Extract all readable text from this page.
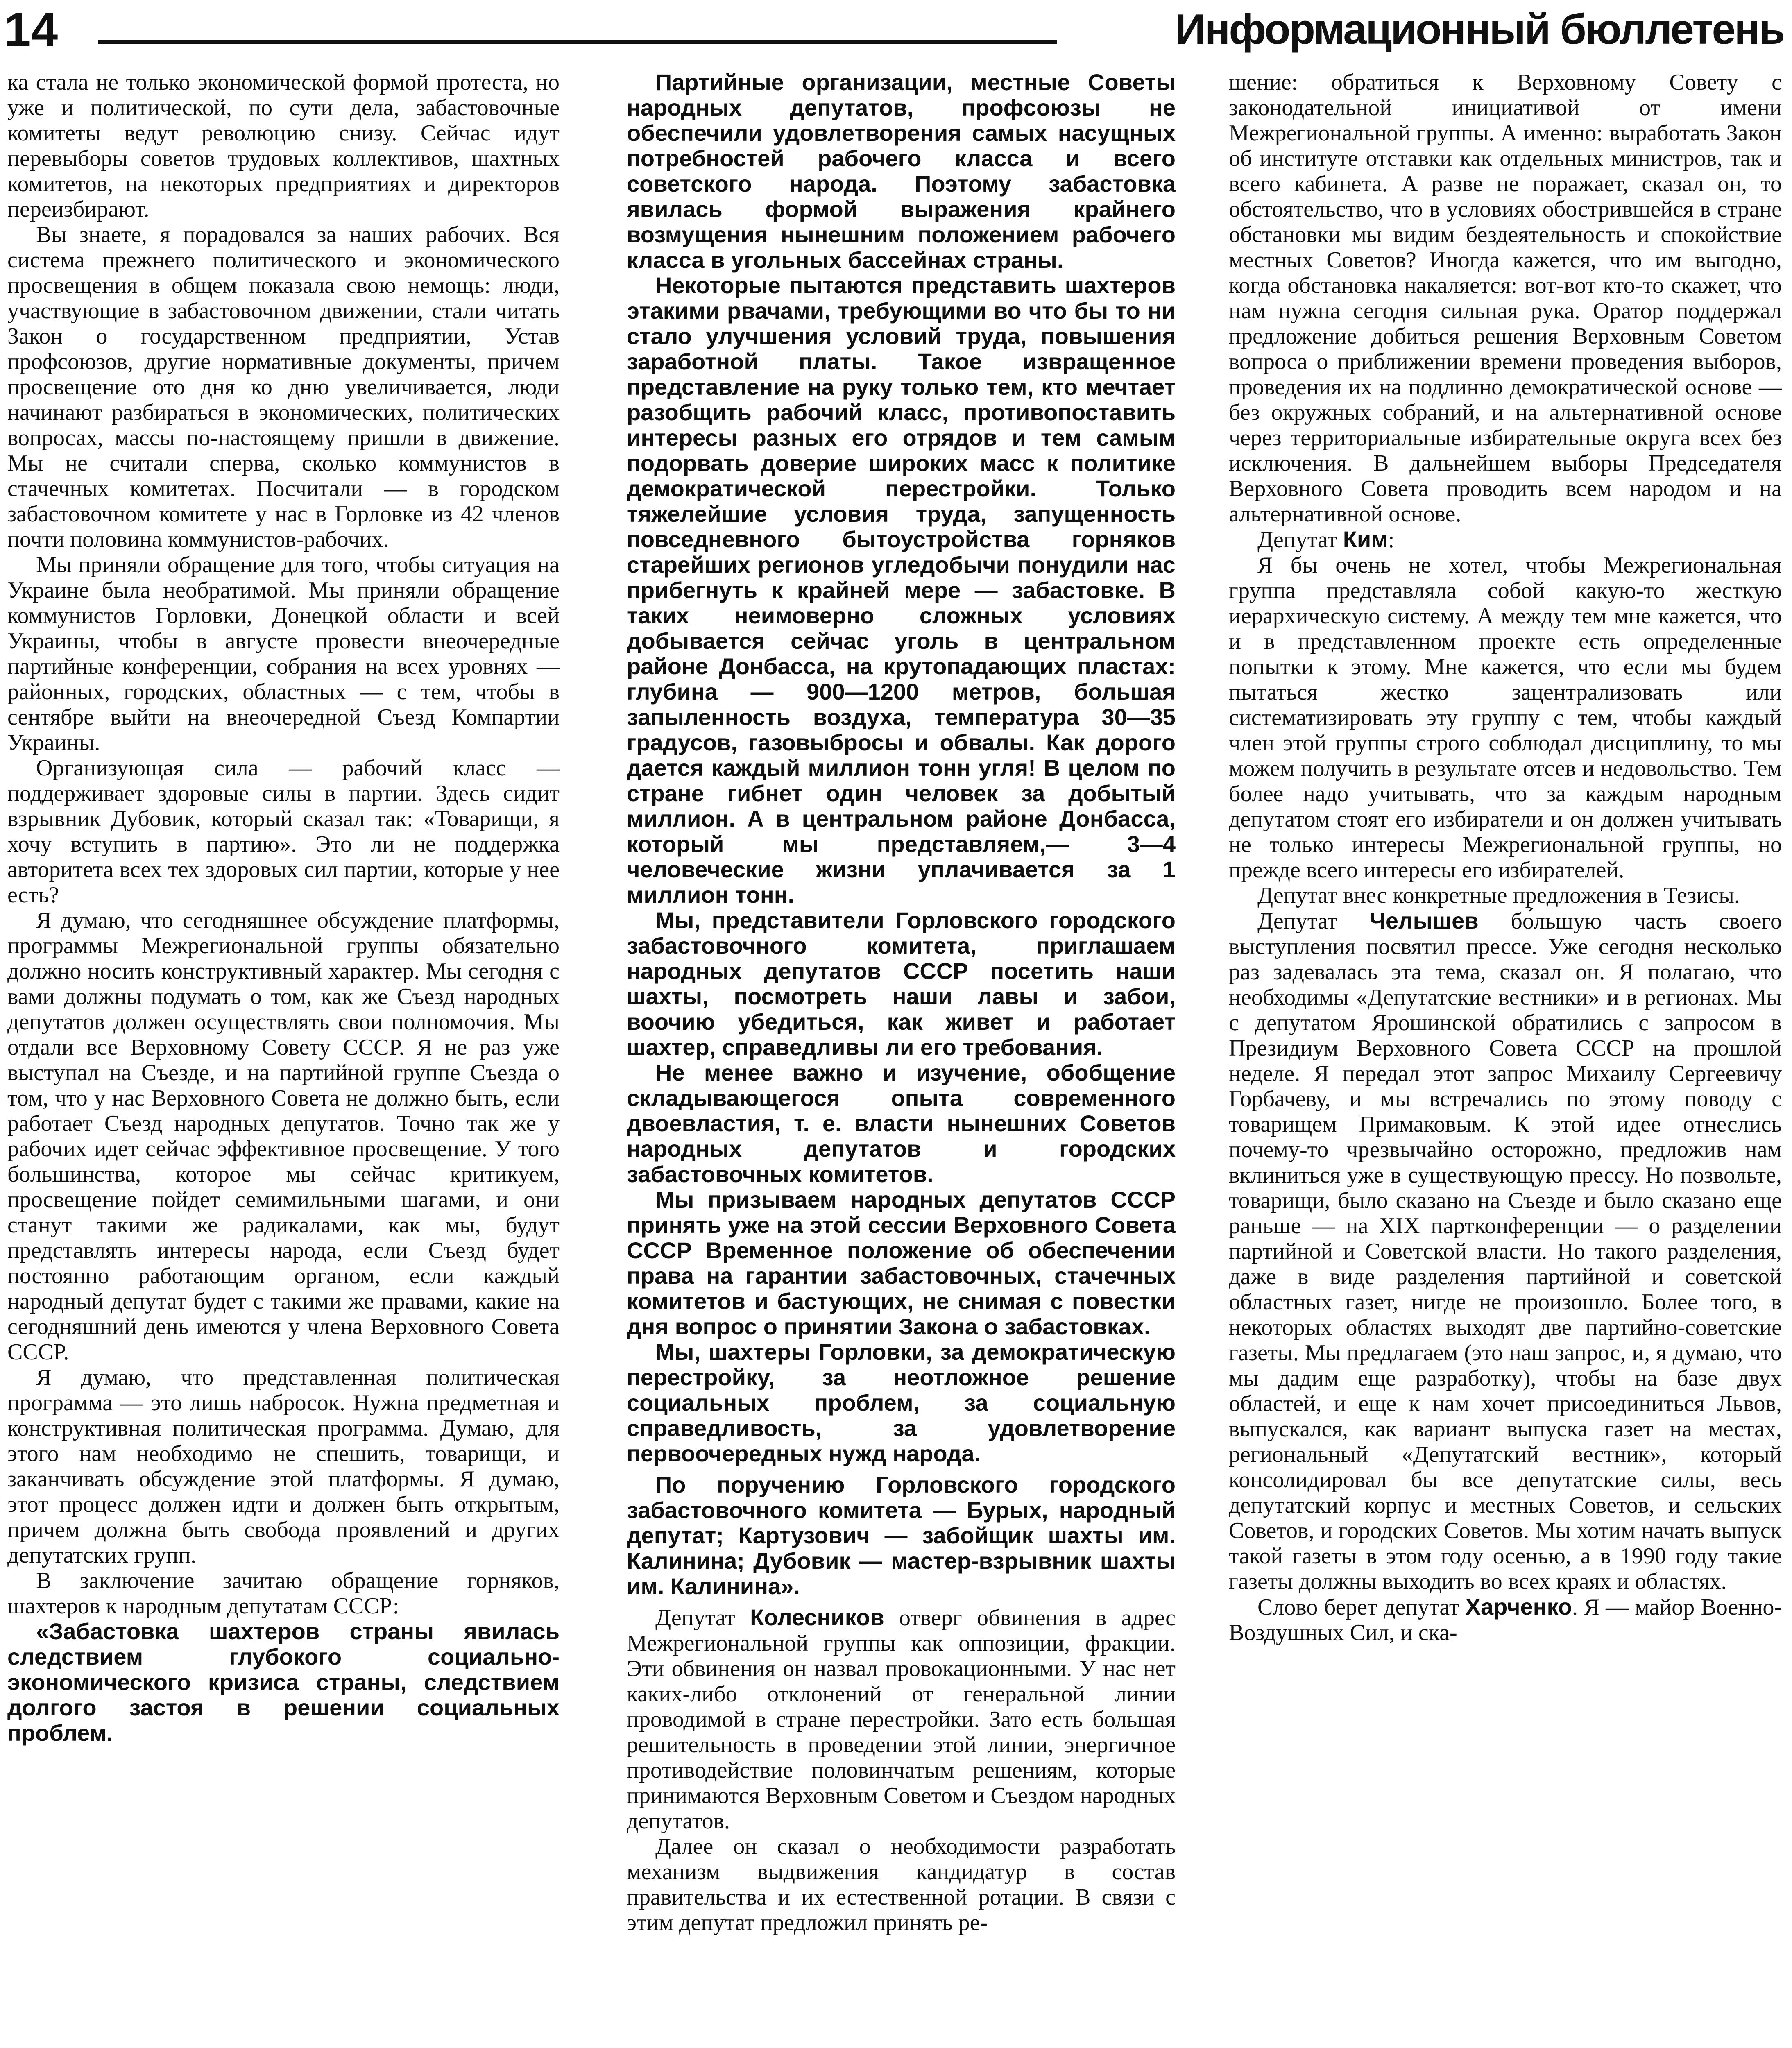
14	Информационный бюллетень

ка стала не только экономической формой протеста, но уже и политической, по сути дела, забастовочные комитеты ведут революцию снизу. Сейчас идут перевыборы советов трудовых коллективов, шахтных комитетов, на некоторых предприятиях и директоров переизбирают.

Вы знаете, я порадовался за наших рабочих. Вся система прежнего политического и экономического просвещения в общем показала свою немощь: люди, участвующие в забастовочном движении, стали читать Закон о государственном предприятии, Устав профсоюзов, другие нормативные документы, причем просвещение ото дня ко дню увеличивается, люди начинают разбираться в экономических, политических вопросах, массы по-настоящему пришли в движение. Мы не считали сперва, сколько коммунистов в стачечных комитетах. Посчитали — в городском забастовочном комитете у нас в Горловке из 42 членов почти половина коммунистов-рабочих.

Мы приняли обращение для того, чтобы ситуация на Украине была необратимой. Мы приняли обращение коммунистов Горловки, Донецкой области и всей Украины, чтобы в августе провести внеочередные партийные конференции, собрания на всех уровнях — районных, городских, областных — с тем, чтобы в сентябре выйти на внеочередной Съезд Компартии Украины.

Организующая сила — рабочий класс — поддерживает здоровые силы в партии. Здесь сидит взрывник Дубовик, который сказал так: «Товарищи, я хочу вступить в партию». Это ли не поддержка авторитета всех тех здоровых сил партии, которые у нее есть?

Я думаю, что сегодняшнее обсуждение платформы, программы Межрегиональной группы обязательно должно носить конструктивный характер. Мы сегодня с вами должны подумать о том, как же Съезд народных депутатов должен осуществлять свои полномочия. Мы отдали все Верховному Совету СССР. Я не раз уже выступал на Съезде, и на партийной группе Съезда о том, что у нас Верховного Совета не должно быть, если работает Съезд народных депутатов. Точно так же у рабочих идет сейчас эффективное просвещение. У того большинства, которое мы сейчас критикуем, просвещение пойдет семимильными шагами, и они станут такими же радикалами, как мы, будут представлять интересы народа, если Съезд будет постоянно работающим органом, если каждый народный депутат будет с такими же правами, какие на сегодняшний день имеются у члена Верховного Совета СССР.

Я думаю, что представленная политическая программа — это лишь набросок. Нужна предметная и конструктивная политическая программа. Думаю, для этого нам необходимо не спешить, товарищи, и заканчивать обсуждение этой платформы. Я думаю, этот процесс должен идти и должен быть открытым, причем должна быть свобода проявлений и других депутатских групп.

В заключение зачитаю обращение горняков, шахтеров к народным депутатам СССР:

«Забастовка шахтеров страны явилась следствием глубокого социально-экономического кризиса страны, следствием долгого застоя в решении социальных проблем.

Партийные организации, местные Советы народных депутатов, профсоюзы не обеспечили удовлетворения самых насущных потребностей рабочего класса и всего советского народа. Поэтому забастовка явилась формой выражения крайнего возмущения нынешним положением рабочего класса в угольных бассейнах страны.

Некоторые пытаются представить шахтеров этакими рвачами, требующими во что бы то ни стало улучшения условий труда, повышения заработной платы. Такое извращенное представление на руку только тем, кто мечтает разобщить рабочий класс, противопоставить интересы разных его отрядов и тем самым подорвать доверие широких масс к политике демократической перестройки. Только тяжелейшие условия труда, запущенность повседневного бытоустройства горняков старейших регионов угледобычи понудили нас прибегнуть к крайней мере — забастовке. В таких неимоверно сложных условиях добывается сейчас уголь в центральном районе Донбасса, на крутопадающих пластах: глубина — 900—1200 метров, большая запыленность воздуха, температура 30—35 градусов, газовыбросы и обвалы. Как дорого дается каждый миллион тонн угля! В целом по стране гибнет один человек за добытый миллион. А в центральном районе Донбасса, который мы представляем,— 3—4 человеческие жизни уплачивается за 1 миллион тонн.

Мы, представители Горловского городского забастовочного комитета, приглашаем народных депутатов СССР посетить наши шахты, посмотреть наши лавы и забои, воочию убедиться, как живет и работает шахтер, справедливы ли его требования.

Не менее важно и изучение, обобщение складывающегося опыта современного двоевластия, т. е. власти нынешних Советов народных депутатов и городских забастовочных комитетов.

Мы призываем народных депутатов СССР принять уже на этой сессии Верховного Совета СССР Временное положение об обеспечении права на гарантии забастовочных, стачечных комитетов и бастующих, не снимая с повестки дня вопрос о принятии Закона о забастовках.

Мы, шахтеры Горловки, за демократическую перестройку, за неотложное решение социальных проблем, за социальную справедливость, за удовлетворение первоочередных нужд народа.

По поручению Горловского городского забастовочного комитета — Бурых, народный депутат; Картузович — забойщик шахты им. Калинина; Дубовик — мастер-взрывник шахты им. Калинина».

Депутат Колесников отверг обвинения в адрес Межрегиональной группы как оппозиции, фракции. Эти обвинения он назвал провокационными. У нас нет каких-либо отклонений от генеральной линии проводимой в стране перестройки. Зато есть большая решительность в проведении этой линии, энергичное противодействие половинчатым решениям, которые принимаются Верховным Советом и Съездом народных депутатов.

Далее он сказал о необходимости разработать механизм выдвижения кандидатур в состав правительства и их естественной ротации. В связи с этим депутат предложил принять ре-

шение: обратиться к Верховному Совету с законодательной инициативой от имени Межрегиональной группы. А именно: выработать Закон об институте отставки как отдельных министров, так и всего кабинета. А разве не поражает, сказал он, то обстоятельство, что в условиях обострившейся в стране обстановки мы видим бездеятельность и спокойствие местных Советов? Иногда кажется, что им выгодно, когда обстановка накаляется: вот-вот кто-то скажет, что нам нужна сегодня сильная рука. Оратор поддержал предложение добиться решения Верховным Советом вопроса о приближении времени проведения выборов, проведения их на подлинно демократической основе — без окружных собраний, и на альтернативной основе через территориальные избирательные округа всех без исключения. В дальнейшем выборы Председателя Верховного Совета проводить всем народом и на альтернативной основе.

Депутат Ким:

Я бы очень не хотел, чтобы Межрегиональная группа представляла собой какую-то жесткую иерархическую систему. А между тем мне кажется, что и в представленном проекте есть определенные попытки к этому. Мне кажется, что если мы будем пытаться жестко зацентрализовать или систематизировать эту группу с тем, чтобы каждый член этой группы строго соблюдал дисциплину, то мы можем получить в результате отсев и недовольство. Тем более надо учитывать, что за каждым народным депутатом стоят его избиратели и он должен учитывать не только интересы Межрегиональной группы, но прежде всего интересы его избирателей.

Депутат внес конкретные предложения в Тезисы.

Депутат Челышев бо́льшую часть своего выступления посвятил прессе. Уже сегодня несколько раз задевалась эта тема, сказал он. Я полагаю, что необходимы «Депутатские вестники» и в регионах. Мы с депутатом Ярошинской обратились с запросом в Президиум Верховного Совета СССР на прошлой неделе. Я передал этот запрос Михаилу Сергеевичу Горбачеву, и мы встречались по этому поводу с товарищем Примаковым. К этой идее отнеслись почему-то чрезвычайно осторожно, предложив нам вклиниться уже в существующую прессу. Но позвольте, товарищи, было сказано на Съезде и было сказано еще раньше — на XIX партконференции — о разделении партийной и Советской власти. Но такого разделения, даже в виде разделения партийной и советской областных газет, нигде не произошло. Более того, в некоторых областях выходят две партийно-советские газеты. Мы предлагаем (это наш запрос, и, я думаю, что мы дадим еще разработку), чтобы на базе двух областей, и еще к нам хочет присоединиться Львов, выпускался, как вариант выпуска газет на местах, региональный «Депутатский вестник», который консолидировал бы все депутатские силы, весь депутатский корпус и местных Советов, и сельских Советов, и городских Советов. Мы хотим начать выпуск такой газеты в этом году осенью, а в 1990 году такие газеты должны выходить во всех краях и областях.

Слово берет депутат Харченко. Я — майор Военно-Воздушных Сил, и ска-
